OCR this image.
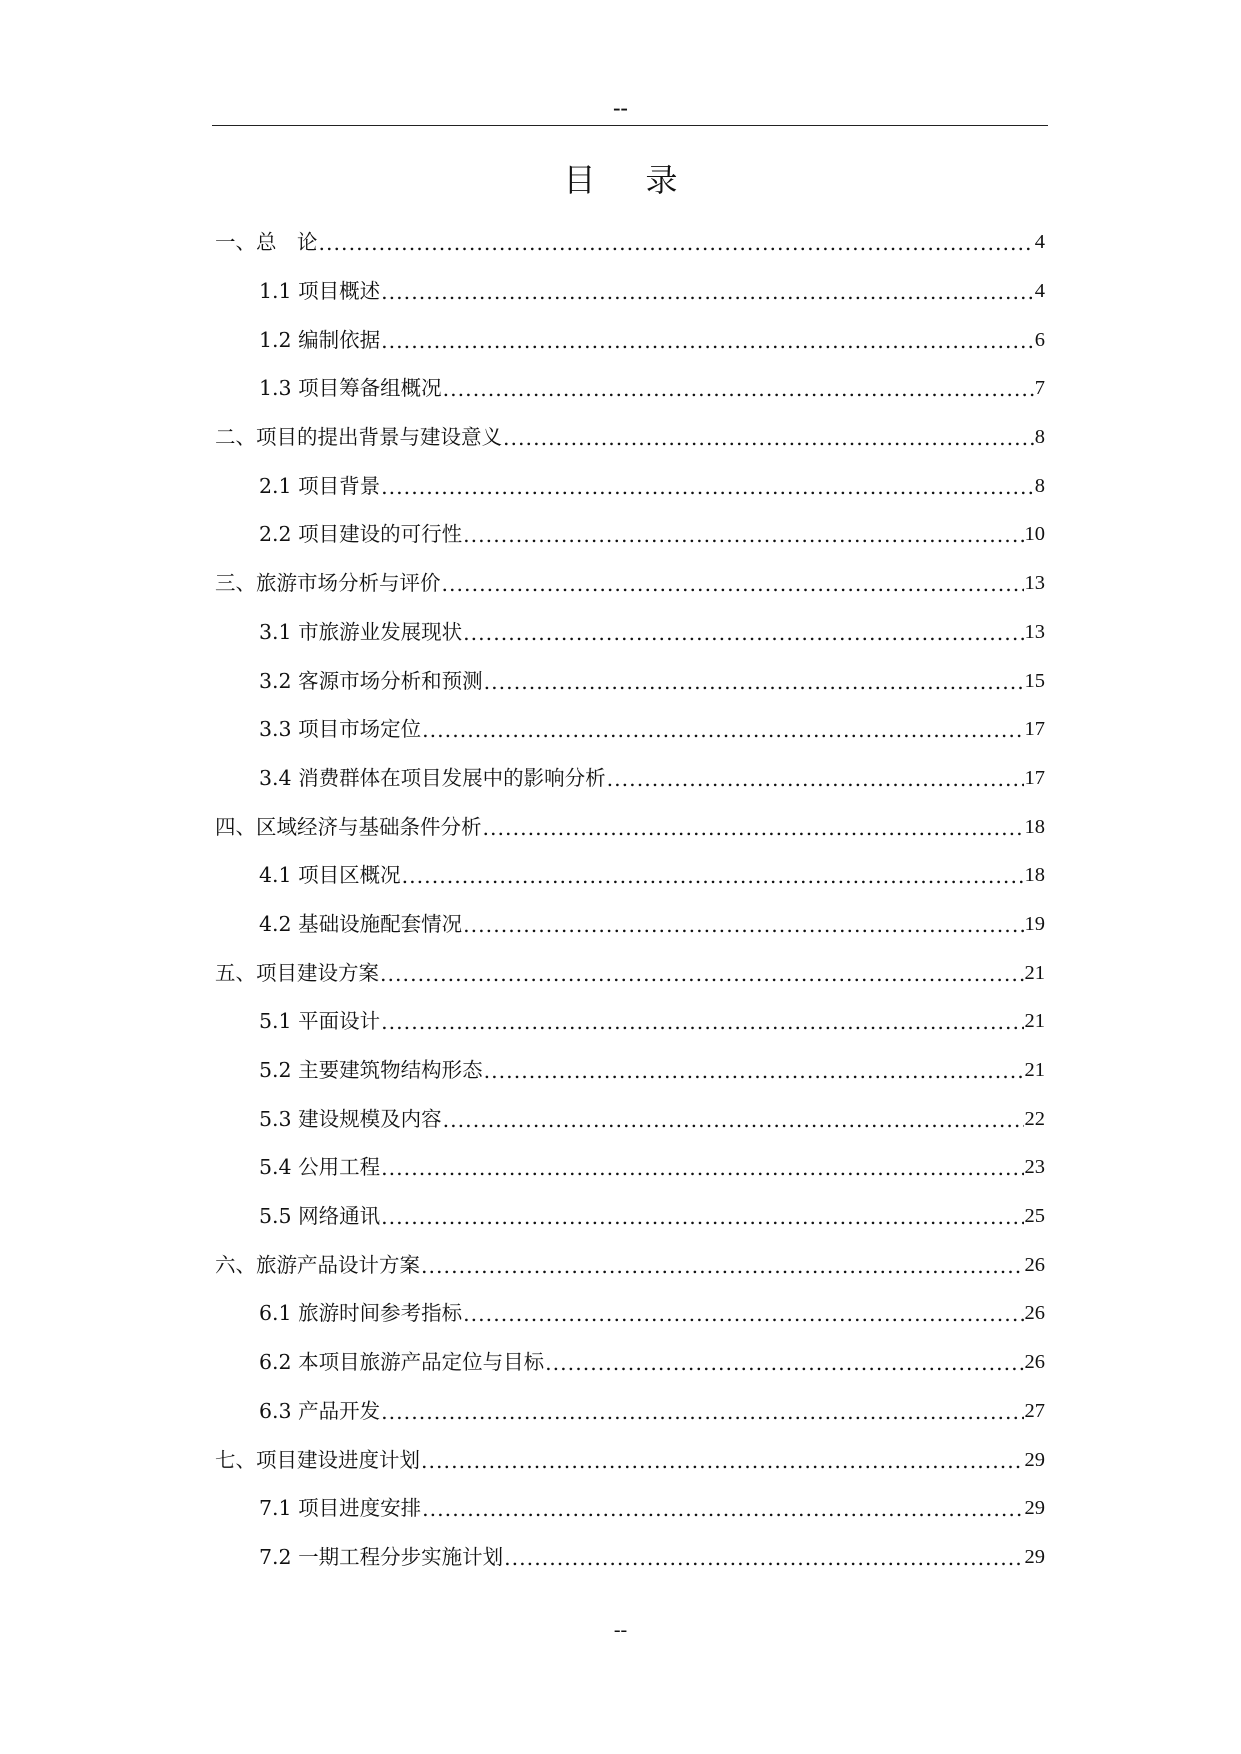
--
目录
一、总　论 .....	4
1.1 项目概述 .....	4
1.2 编制依据 .....	6
1.3 项目筹备组概况 .....	7
二、项目的提出背景与建设意义 .....	8
2.1 项目背景 .....	8
2.2 项目建设的可行性 .....	10
三、旅游市场分析与评价 .....	13
3.1 市旅游业发展现状 .....	13
3.2 客源市场分析和预测 .....	15
3.3 项目市场定位 .....	17
3.4 消费群体在项目发展中的影响分析 .....	17
四、区域经济与基础条件分析 .....	18
4.1 项目区概况 .....	18
4.2 基础设施配套情况 .....	19
五、项目建设方案 .....	21
5.1 平面设计 .....	21
5.2 主要建筑物结构形态 .....	21
5.3 建设规模及内容 .....	22
5.4 公用工程 .....	23
5.5 网络通讯 .....	25
六、旅游产品设计方案 .....	26
6.1 旅游时间参考指标 .....	26
6.2 本项目旅游产品定位与目标 .....	26
6.3 产品开发 .....	27
七、项目建设进度计划 .....	29
7.1 项目进度安排 .....	29
7.2 一期工程分步实施计划 .....	29
--
